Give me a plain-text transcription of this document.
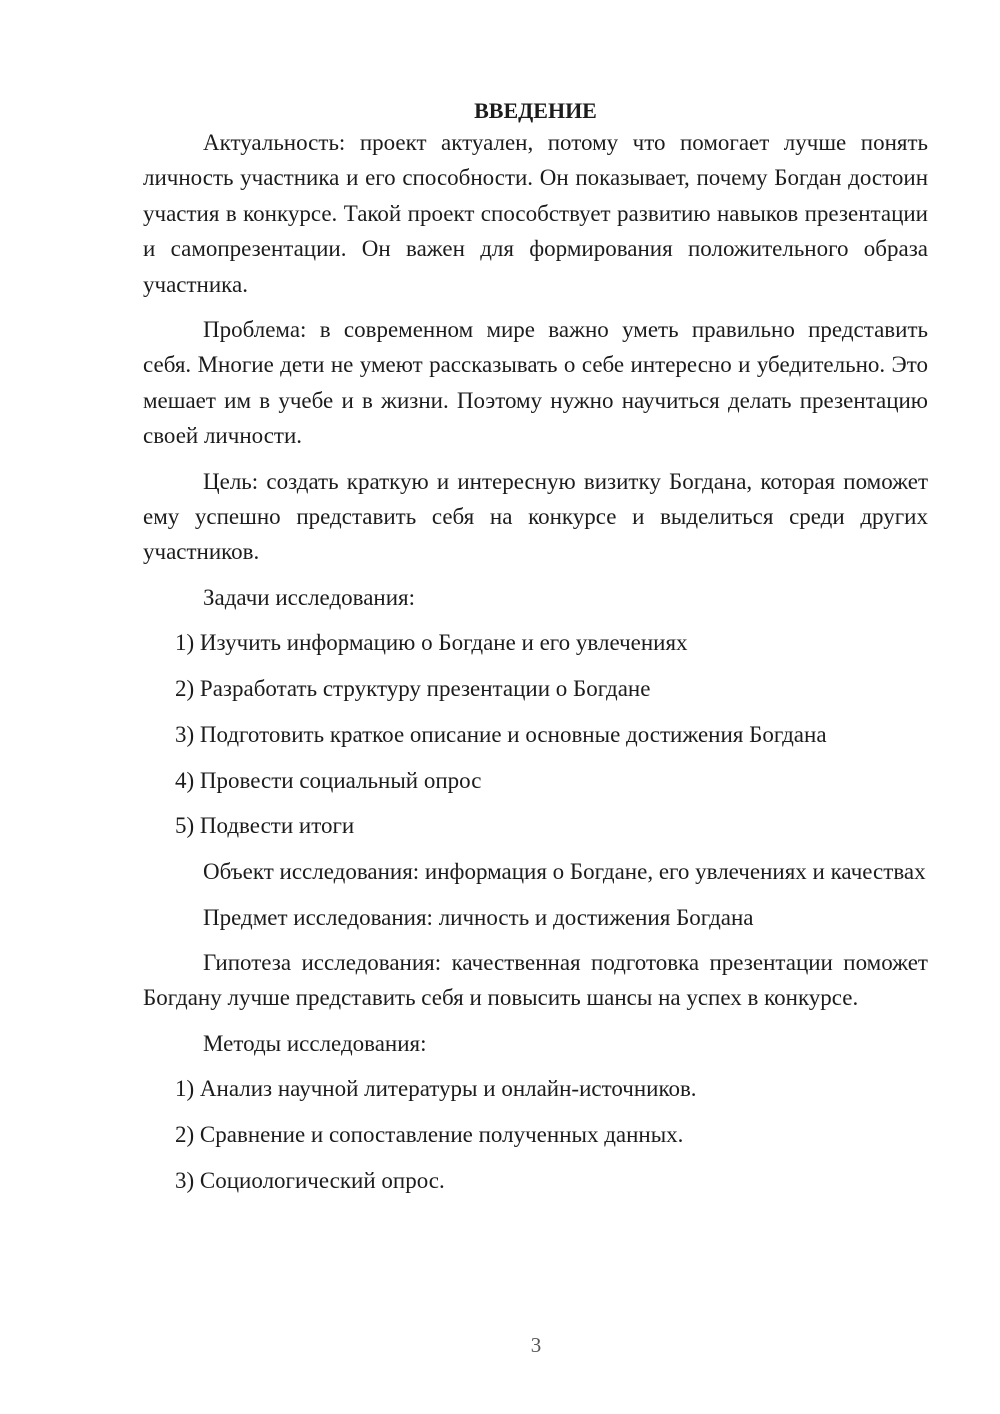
ВВЕДЕНИЕ

Актуальность: проект актуален, потому что помогает лучше понять личность участника и его способности. Он показывает, почему Богдан достоин участия в конкурсе. Такой проект способствует развитию навыков презентации и самопрезентации. Он важен для формирования положительного образа участника.

Проблема: в современном мире важно уметь правильно представить себя. Многие дети не умеют рассказывать о себе интересно и убедительно. Это мешает им в учебе и в жизни. Поэтому нужно научиться делать презентацию своей личности.

Цель: создать краткую и интересную визитку Богдана, которая поможет ему успешно представить себя на конкурсе и выделиться среди других участников.

Задачи исследования:

1) Изучить информацию о Богдане и его увлечениях
2) Разработать структуру презентации о Богдане
3) Подготовить краткое описание и основные достижения Богдана
4) Провести социальный опрос
5) Подвести итоги

Объект исследования: информация о Богдане, его увлечениях и качествах

Предмет исследования: личность и достижения Богдана

Гипотеза исследования: качественная подготовка презентации поможет Богдану лучше представить себя и повысить шансы на успех в конкурсе.

Методы исследования:

1) Анализ научной литературы и онлайн-источников.
2) Сравнение и сопоставление полученных данных.
3) Социологический опрос.
3
